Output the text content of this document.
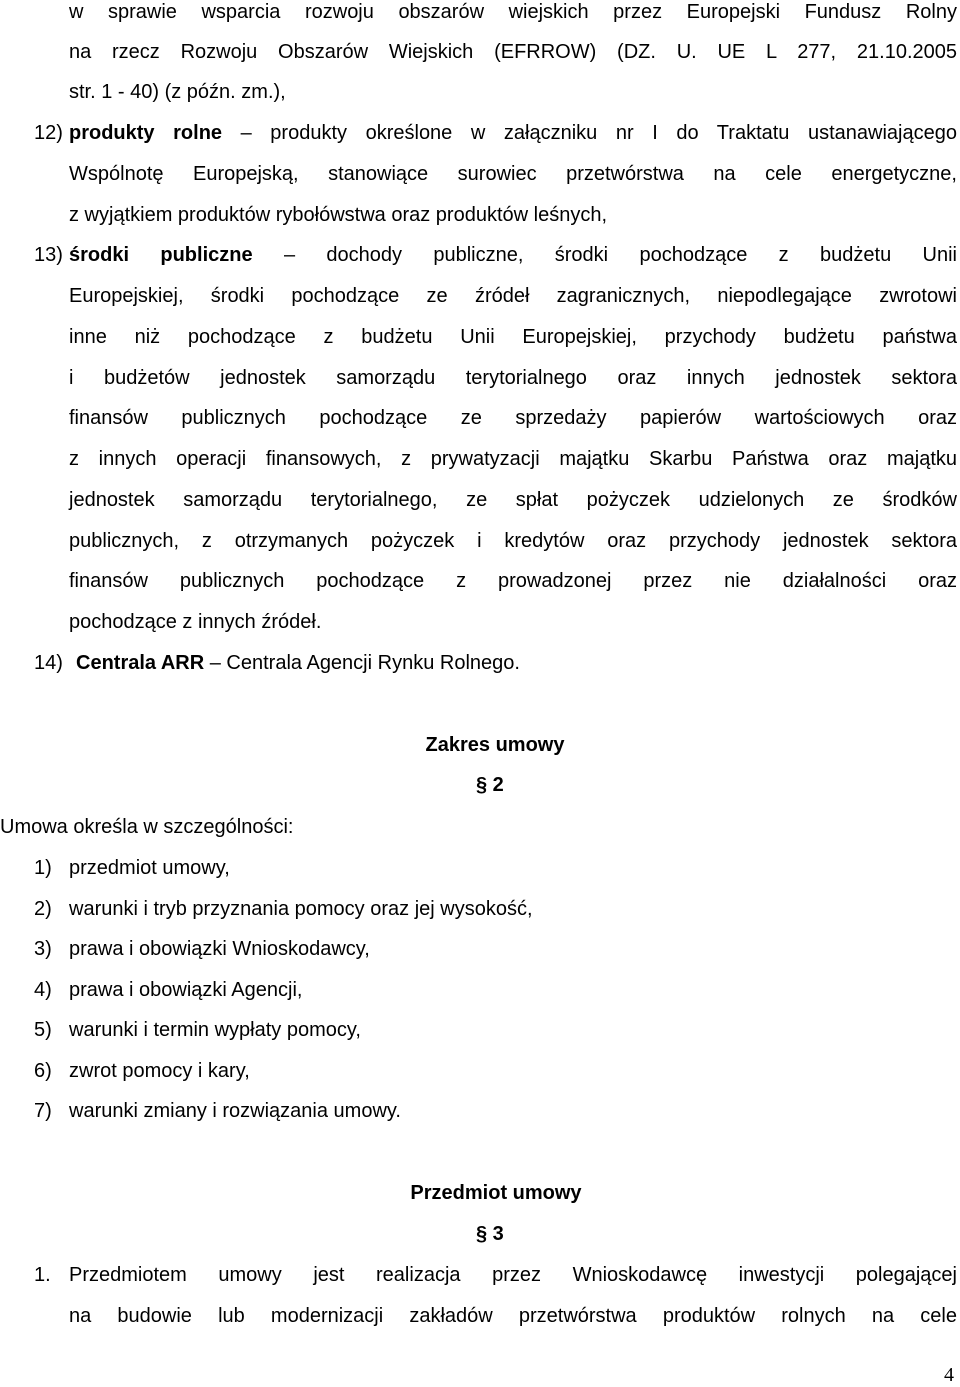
w sprawie wsparcia rozwoju obszarów wiejskich przez Europejski Fundusz Rolny
na rzecz Rozwoju Obszarów Wiejskich (EFRROW) (DZ. U. UE L 277, 21.10.2005
str. 1 - 40) (z późn. zm.),
12) produkty rolne – produkty określone w załączniku nr I do Traktatu ustanawiającego
Wspólnotę Europejską, stanowiące surowiec przetwórstwa na cele energetyczne,
z wyjątkiem produktów rybołówstwa oraz produktów leśnych,
13) środki publiczne – dochody publiczne, środki pochodzące z budżetu Unii
Europejskiej, środki pochodzące ze źródeł zagranicznych, niepodlegające zwrotowi
inne niż pochodzące z budżetu Unii Europejskiej, przychody budżetu państwa
i budżetów jednostek samorządu terytorialnego oraz innych jednostek sektora
finansów publicznych pochodzące ze sprzedaży papierów wartościowych oraz
z innych operacji finansowych, z prywatyzacji majątku Skarbu Państwa oraz majątku
jednostek samorządu terytorialnego, ze spłat pożyczek udzielonych ze środków
publicznych, z otrzymanych pożyczek i kredytów oraz przychody jednostek sektora
finansów publicznych pochodzące z prowadzonej przez nie działalności oraz
pochodzące z innych źródeł.
14) Centrala ARR – Centrala Agencji Rynku Rolnego.
Zakres umowy
§ 2
Umowa określa w szczególności:
1) przedmiot umowy,
2) warunki i tryb przyznania pomocy oraz jej wysokość,
3) prawa i obowiązki Wnioskodawcy,
4) prawa i obowiązki Agencji,
5) warunki i termin wypłaty pomocy,
6) zwrot pomocy i kary,
7) warunki zmiany i rozwiązania umowy.
Przedmiot umowy
§ 3
1. Przedmiotem umowy jest realizacja przez Wnioskodawcę inwestycji polegającej
na budowie lub modernizacji zakładów przetwórstwa produktów rolnych na cele
4
